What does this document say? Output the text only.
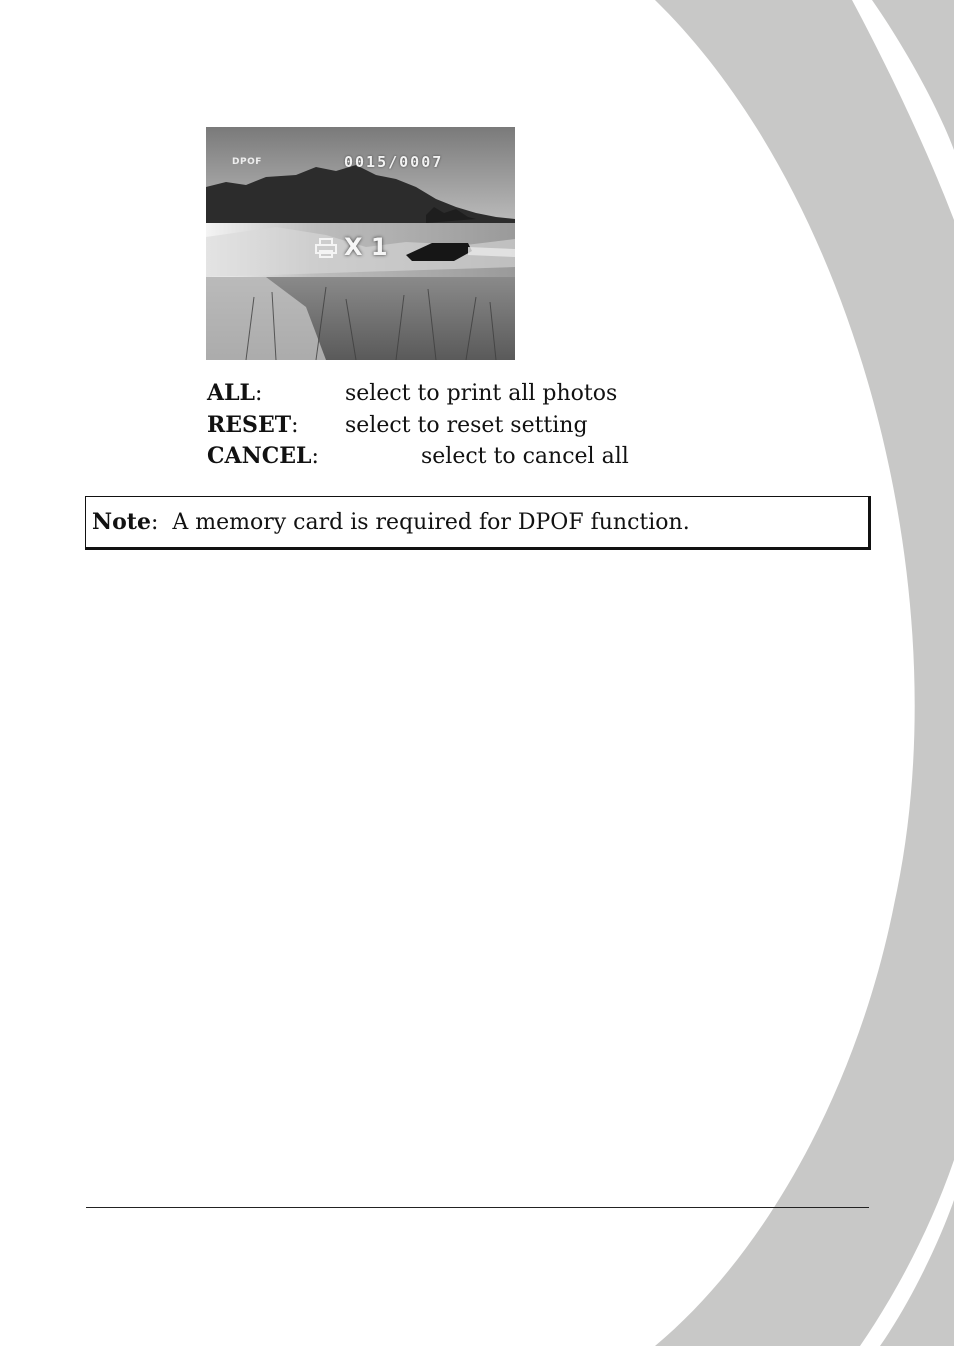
DPOF	0015/0007
X 1
ALL:	select to print all photos
RESET: select to reset setting
CANCEL:	select to cancel all
Note: A memory card is required for DPOF function.
